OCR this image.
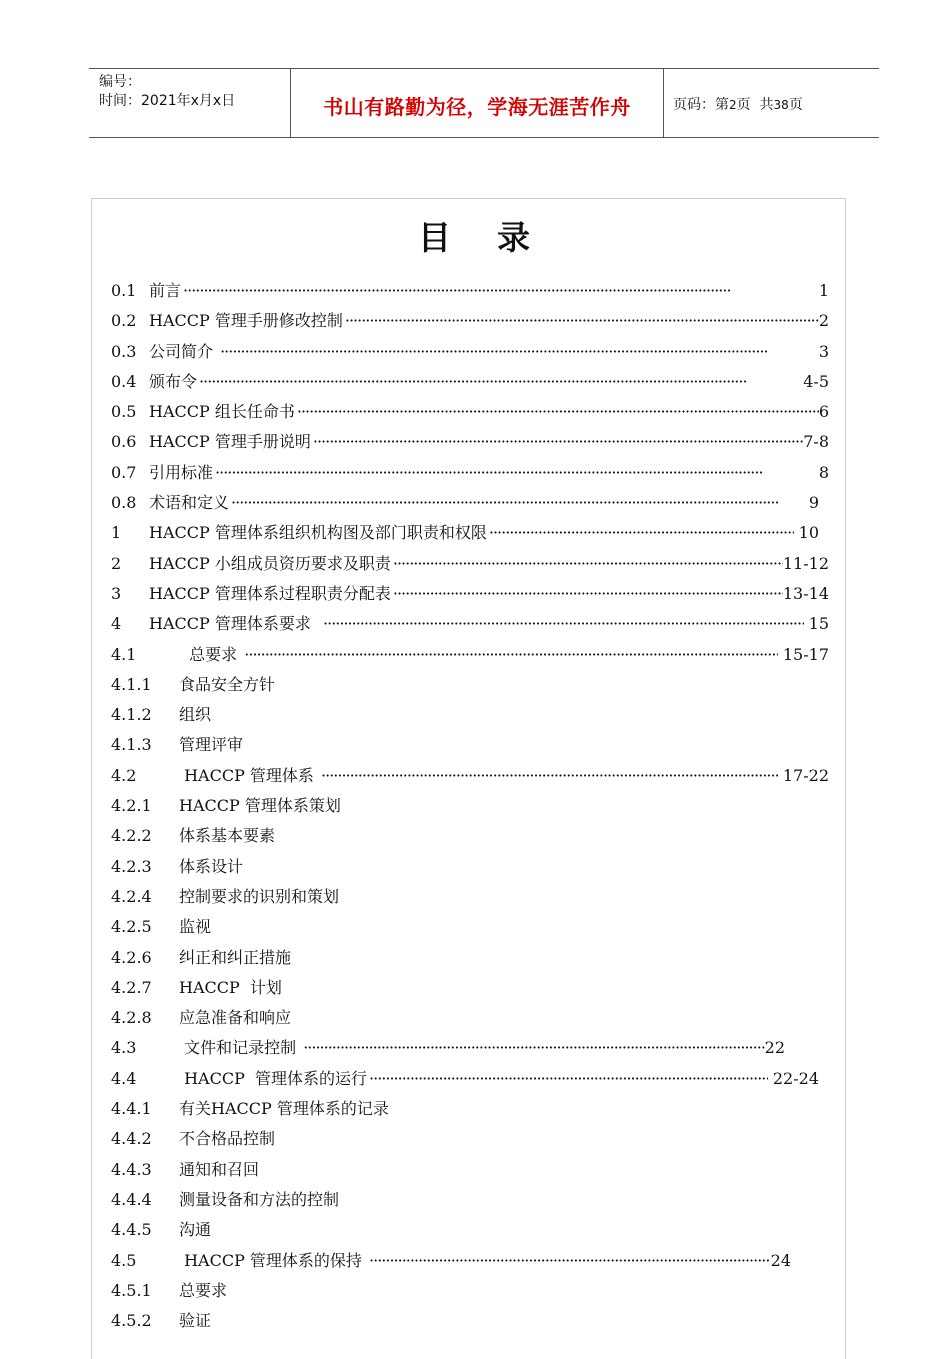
编号：
时间：2021年x月x日	书山有路勤为径，学海无涯苦作舟	页码：第2页  共38页
目 录
0.1 前言 ·····	1
0.2 HACCP 管理手册修改控制 ·····	2
0.3 公司简介 ·····	3
0.4 颁布令 ·····	4-5
0.5 HACCP 组长任命书 ·····	6
0.6 HACCP 管理手册说明 ·····	7-8
0.7 引用标准 ·····	8
0.8 术语和定义 ·····	9
1	HACCP 管理体系组织机构图及部门职责和权限 ·····	10
2	HACCP 小组成员资历要求及职责 ·····	11-12
3	HACCP 管理体系过程职责分配表 ·····	13-14
4	HACCP 管理体系要求 ·····	15
4.1	总要求 ·····	15-17
4.1.1	食品安全方针
4.1.2	组织
4.1.3	管理评审
4.2	HACCP 管理体系 ·····	17-22
4.2.1	HACCP 管理体系策划
4.2.2	体系基本要素
4.2.3	体系设计
4.2.4	控制要求的识别和策划
4.2.5	监视
4.2.6	纠正和纠正措施
4.2.7	HACCP  计划
4.2.8	应急准备和响应
4.3	文件和记录控制 ·····	22
4.4	HACCP  管理体系的运行 ·····	22-24
4.4.1	有关HACCP 管理体系的记录
4.4.2	不合格品控制
4.4.3	通知和召回
4.4.4	测量设备和方法的控制
4.4.5	沟通
4.5	HACCP 管理体系的保持 ·····	24
4.5.1	总要求
4.5.2	验证
